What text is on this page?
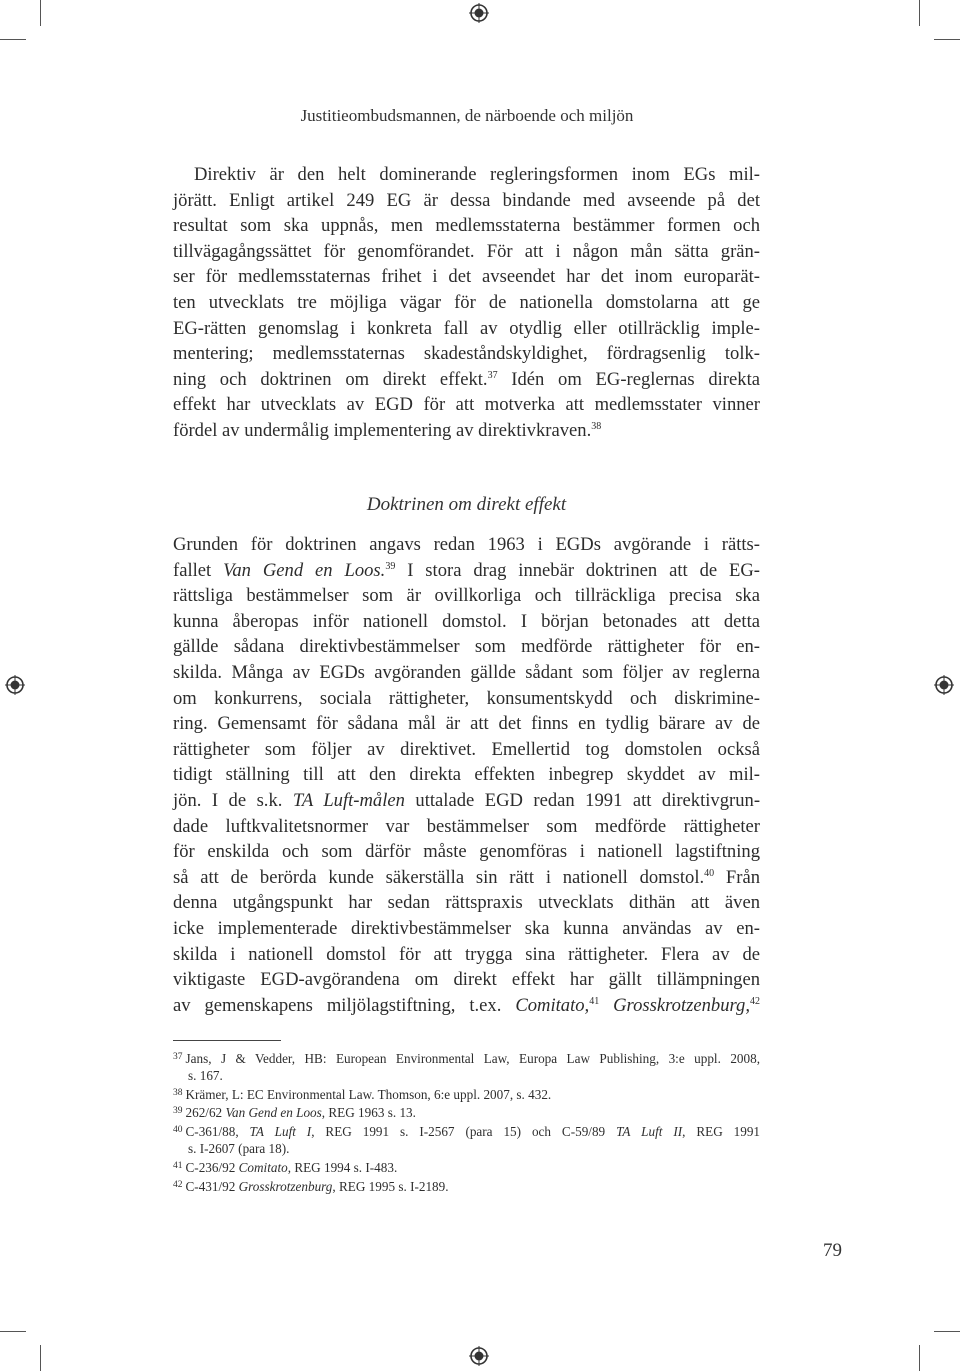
Justitieombudsmannen, de närboende och miljön

Direktiv är den helt dominerande regleringsformen inom EGs mil-
jörätt. Enligt artikel 249 EG är dessa bindande med avseende på det
resultat som ska uppnås, men medlemsstaterna bestämmer formen och
tillvägagångssättet för genomförandet. För att i någon mån sätta grän-
ser för medlemsstaternas frihet i det avseendet har det inom europarät-
ten utvecklats tre möjliga vägar för de nationella domstolarna att ge
EG-rätten genomslag i konkreta fall av otydlig eller otillräcklig imple-
mentering; medlemsstaternas skadeståndskyldighet, fördragsenlig tolk-
ning och doktrinen om direkt effekt.$^{37}$ Idén om EG-reglernas direkta
effekt har utvecklats av EGD för att motverka att medlemsstater vinner
fördel av undermålig implementering av direktivkraven.$^{38}$

Doktrinen om direkt effekt

Grunden för doktrinen angavs redan 1963 i EGDs avgörande i rätts-
fallet Van Gend en Loos.$^{39}$ I stora drag innebär doktrinen att de EG-
rättsliga bestämmelser som är ovillkorliga och tillräckliga precisa ska
kunna åberopas inför nationell domstol. I början betonades att detta
gällde sådana direktivbestämmelser som medförde rättigheter för en-
skilda. Många av EGDs avgöranden gällde sådant som följer av reglerna
om konkurrens, sociala rättigheter, konsumentskydd och diskrimine-
ring. Gemensamt för sådana mål är att det finns en tydlig bärare av de
rättigheter som följer av direktivet. Emellertid tog domstolen också
tidigt ställning till att den direkta effekten inbegrep skyddet av mil-
jön. I de s.k. TA Luft-målen uttalade EGD redan 1991 att direktivgrun-
dade luftkvalitetsnormer var bestämmelser som medförde rättigheter
för enskilda och som därför måste genomföras i nationell lagstiftning
så att de berörda kunde säkerställa sin rätt i nationell domstol.$^{40}$ Från
denna utgångspunkt har sedan rättspraxis utvecklats dithän att även
icke implementerade direktivbestämmelser ska kunna användas av en-
skilda i nationell domstol för att trygga sina rättigheter. Flera av de
viktigaste EGD-avgörandena om direkt effekt har gällt tillämpningen
av gemenskapens miljölagstiftning, t.ex. Comitato,$^{41}$ Grosskrotzenburg,$^{42}$

$^{37}$ Jans, J & Vedder, HB: European Environmental Law, Europa Law Publishing, 3:e uppl. 2008,
s. 167.

$^{38}$ Krämer, L: EC Environmental Law. Thomson, 6:e uppl. 2007, s. 432.

$^{39}$ 262/62 Van Gend en Loos, REG 1963 s. 13.

$^{40}$ C-361/88, TA Luft I, REG 1991 s. I-2567 (para 15) och C-59/89 TA Luft II, REG 1991
s. I-2607 (para 18).

$^{41}$ C-236/92 Comitato, REG 1994 s. I-483.

$^{42}$ C-431/92 Grosskrotzenburg, REG 1995 s. I-2189.

79
